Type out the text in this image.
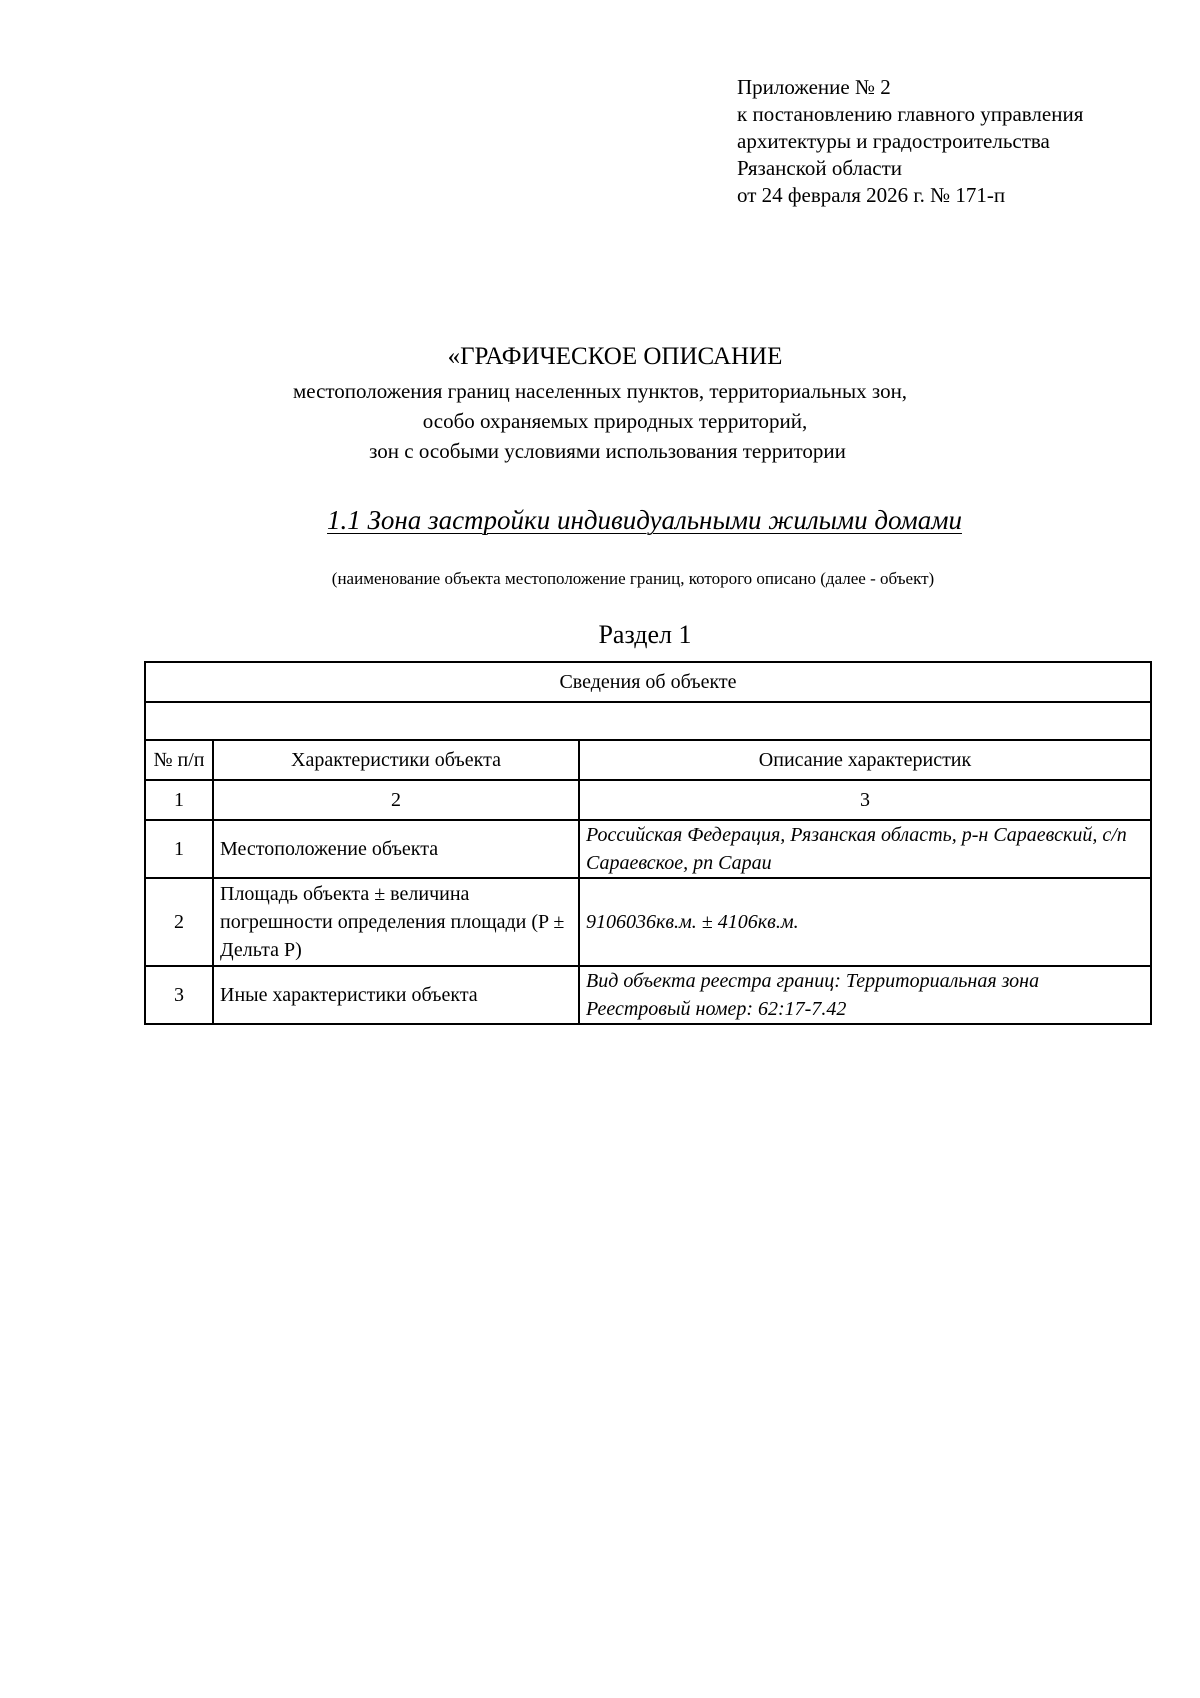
Приложение № 2
к постановлению главного управления
архитектуры и градостроительства
Рязанской области
от 24 февраля 2026 г. № 171-п
«ГРАФИЧЕСКОЕ ОПИСАНИЕ
местоположения границ населенных пунктов, территориальных зон,
особо охраняемых природных территорий,
зон с особыми условиями использования территории
1.1 Зона застройки индивидуальными жилыми домами
(наименование объекта местоположение границ, которого описано (далее - объект)
Раздел 1
Сведения об объекте		

№ п/п	Характеристики объекта	Описание характеристик
1	2	3
1	Местоположение объекта	Российская Федерация, Рязанская область, р-н Сараевский, с/п Сараевское, рп Сараи
2	Площадь объекта ± величина погрешности определения площади (P ± Дельта P)	9106036кв.м. ± 4106кв.м.
3	Иные характеристики объекта	Вид объекта реестра границ: Территориальная зона
Реестровый номер: 62:17-7.42
